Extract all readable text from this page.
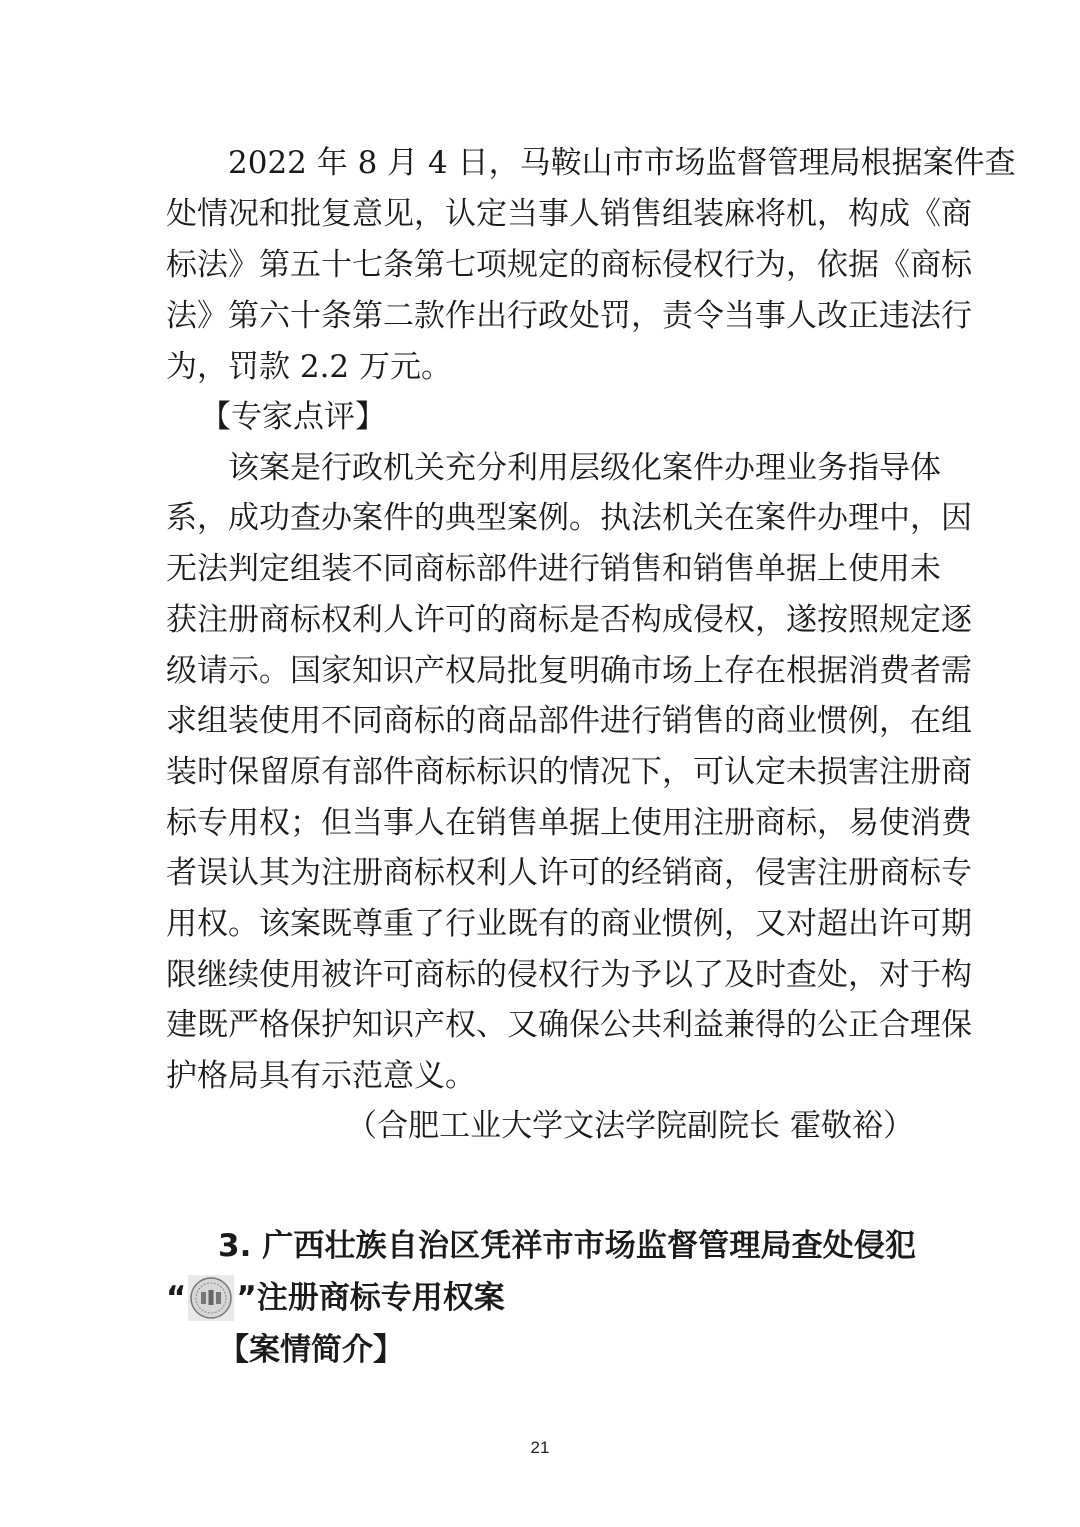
　　2022 年 8 月 4 日，马鞍山市市场监督管理局根据案件查
处情况和批复意见，认定当事人销售组装麻将机，构成《商
标法》第五十七条第七项规定的商标侵权行为，依据《商标
法》第六十条第二款作出行政处罚，责令当事人改正违法行
为，罚款 2.2 万元。
【专家点评】
该案是行政机关充分利用层级化案件办理业务指导体
系，成功查办案件的典型案例。执法机关在案件办理中，因
无法判定组装不同商标部件进行销售和销售单据上使用未
获注册商标权利人许可的商标是否构成侵权，遂按照规定逐
级请示。国家知识产权局批复明确市场上存在根据消费者需
求组装使用不同商标的商品部件进行销售的商业惯例，在组
装时保留原有部件商标标识的情况下，可认定未损害注册商
标专用权；但当事人在销售单据上使用注册商标，易使消费
者误认其为注册商标权利人许可的经销商，侵害注册商标专
用权。该案既尊重了行业既有的商业惯例，又对超出许可期
限继续使用被许可商标的侵权行为予以了及时查处，对于构
建既严格保护知识产权、又确保公共利益兼得的公正合理保
护格局具有示范意义。
（合肥工业大学文法学院副院长 霍敬裕）
3. 广西壮族自治区凭祥市市场监督管理局查处侵犯
“ ”注册商标专用权案
【案情简介】
21
